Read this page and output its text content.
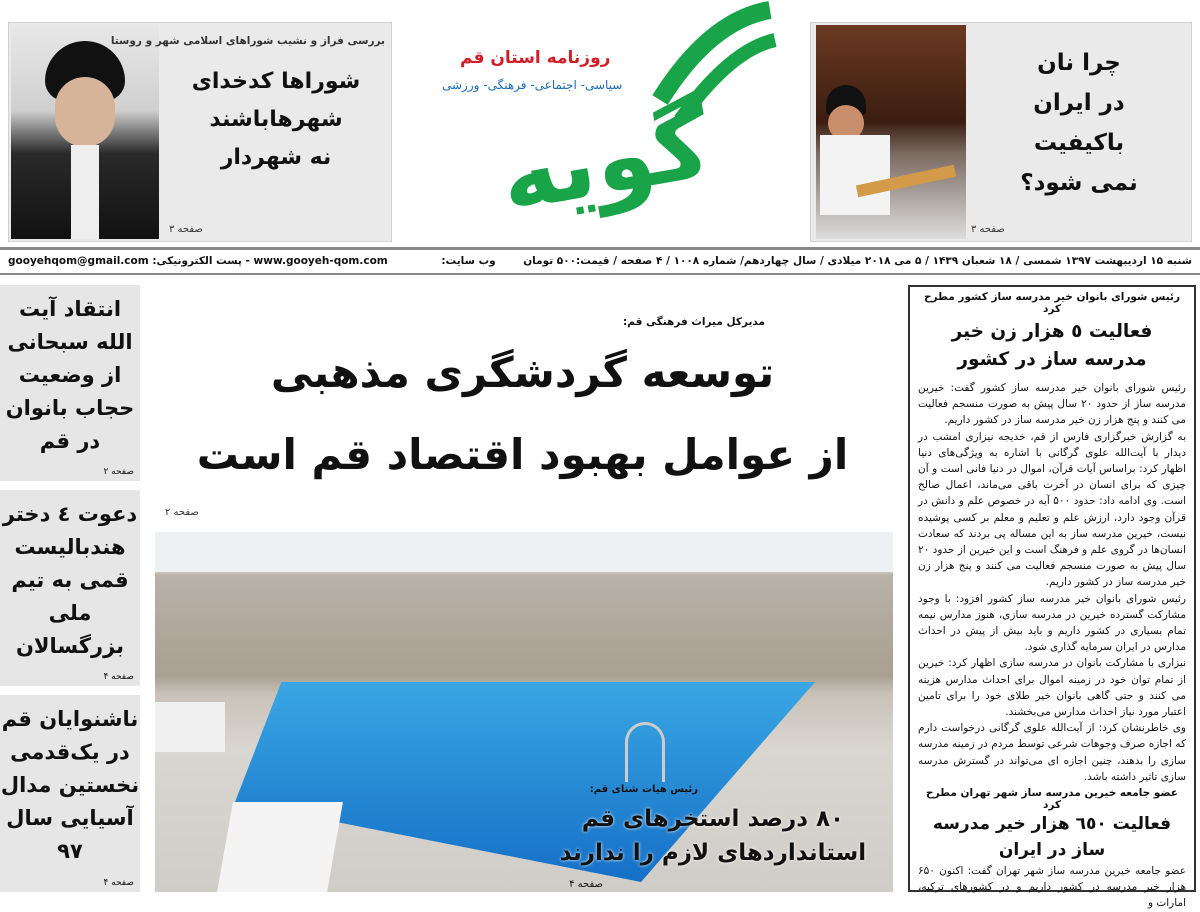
بررسی فراز و نشیب شوراهای اسلامی شهر و روستا
شوراها کدخدای
شهرهاباشند
نه شهردار
صفحه ۳	گویه
روزنامه استان قم
سیاسی- اجتماعی- فرهنگی- ورزشی
چرا نان
در ایران
باکیفیت
نمی شود؟
صفحه ۳
شنبه ۱۵ اردیبهشت ۱۳۹۷ شمسی / ۱۸ شعبان ۱۴۳۹ / ۵ می ۲۰۱۸ میلادی / سال چهاردهم/ شماره ۱۰۰۸ / ۴ صفحه / قیمت:۵۰۰ تومان
gooyehqom@gmail.com - پست الکترونیکی: www.gooyeh-qom.com	وب سایت:
انتقاد آیت الله سبحانی از وضعیت حجاب بانوان در قم
صفحه ۲
دعوت ٤ دختر هندبالیست قمی به تیم ملی بزرگسالان
صفحه ۴
ناشنوایان قم در یک‌قدمی نخستین مدال آسیایی سال ۹۷
صفحه ۴
مدیرکل میراث فرهنگی قم:
توسعه گردشگری مذهبی
از عوامل بهبود اقتصاد قم است
صفحه ۲
رئیس هیات شنای قم:
۸۰ درصد استخرهای قم
استانداردهای لازم را ندارند
صفحه ۴
رئیس شورای بانوان خیر مدرسه ساز کشور مطرح کرد
فعالیت ٥ هزار زن خیر مدرسه ساز در کشور

رئیس شورای بانوان خیر مدرسه ساز کشور گفت: خیرین مدرسه ساز از حدود ۲۰ سال پیش به صورت منسجم فعالیت می کنند و پنج هزار زن خیر مدرسه ساز در کشور داریم.

به گزارش خبرگزاری فارس از قم، خدیجه نیزاری امشب در دیدار با آیت‌الله علوی گرگانی با اشاره به ویژگی‌های دنیا اظهار کرد: براساس آیات قرآن، اموال در دنیا فانی است و آن چیزی که برای انسان در آخرت باقی می‌ماند، اعمال صالح است. وی ادامه داد: حدود ۵۰۰ آیه در خصوص علم و دانش در قرآن وجود دارد، ارزش علم و تعلیم و معلم بر کسی پوشیده نیست، خیرین مدرسه ساز به این مساله پی بردند که سعادت انسان‌ها در گروی علم و فرهنگ است و این خیرین از حدود ۲۰ سال پیش به صورت منسجم فعالیت می کنند و پنج هزار زن خیر مدرسه ساز در کشور داریم.

رئیس شورای بانوان خیر مدرسه ساز کشور افزود: با وجود مشارکت گسترده خیرین در مدرسه سازی، هنوز مدارس نیمه تمام بسیاری در کشور داریم و باید بیش از پیش در احداث مدارس در ایران سرمایه گذاری شود.

نیزاری با مشارکت بانوان در مدرسه سازی اظهار کرد: خیرین از تمام توان خود در زمینه اموال برای احداث مدارس هزینه می کنند و حتی گاهی بانوان خیر طلای خود را برای تامین اعتبار مورد نیاز احداث مدارس می‌بخشند.

وی خاطرنشان کرد: از آیت‌الله علوی گرگانی درخواست دارم که اجازه صرف وجوهات شرعی توسط مردم در زمینه مدرسه سازی را بدهند، چنین اجازه ای می‌تواند در گسترش مدرسه سازی تاثیر داشته باشد.

عضو جامعه خیرین مدرسه ساز شهر تهران مطرح کرد
فعالیت ٦٥٠ هزار خیر مدرسه ساز در ایران

عضو جامعه خیرین مدرسه ساز شهر تهران گفت: اکنون ۶۵۰ هزار خیر مدرسه در کشور داریم و در کشورهای ترکیه، امارات و
